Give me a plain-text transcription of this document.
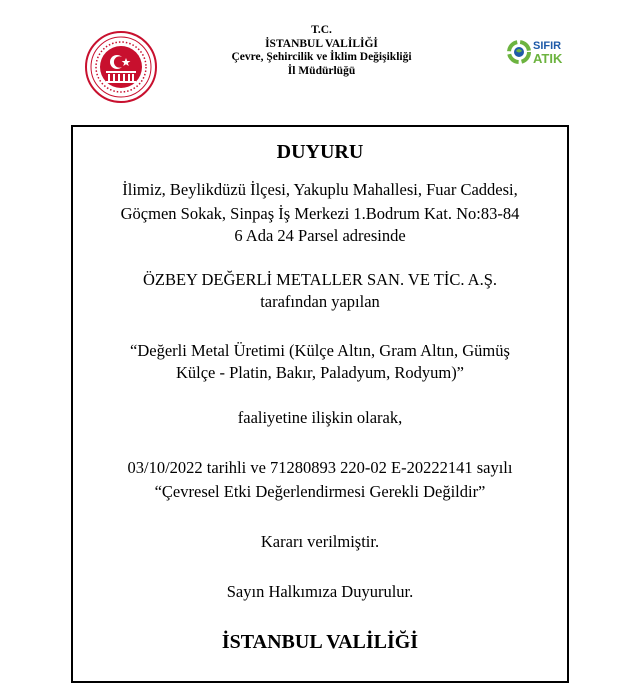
T.C.
İSTANBUL VALİLİĞİ
Çevre, Şehircilik ve İklim Değişikliği
İl Müdürlüğü
SIFIR
ATIK
DUYURU
İlimiz, Beylikdüzü İlçesi, Yakuplu Mahallesi, Fuar Caddesi,
Göçmen Sokak, Sinpaş İş Merkezi 1.Bodrum Kat. No:83-84
6 Ada 24 Parsel adresinde
ÖZBEY DEĞERLİ METALLER SAN. VE TİC. A.Ş.
tarafından yapılan
“Değerli Metal Üretimi (Külçe Altın, Gram Altın, Gümüş
Külçe - Platin, Bakır, Paladyum, Rodyum)”
faaliyetine ilişkin olarak,
03/10/2022 tarihli ve 71280893 220-02 E-20222141 sayılı
“Çevresel Etki Değerlendirmesi Gerekli Değildir”
Kararı verilmiştir.
Sayın Halkımıza Duyurulur.
İSTANBUL VALİLİĞİ
